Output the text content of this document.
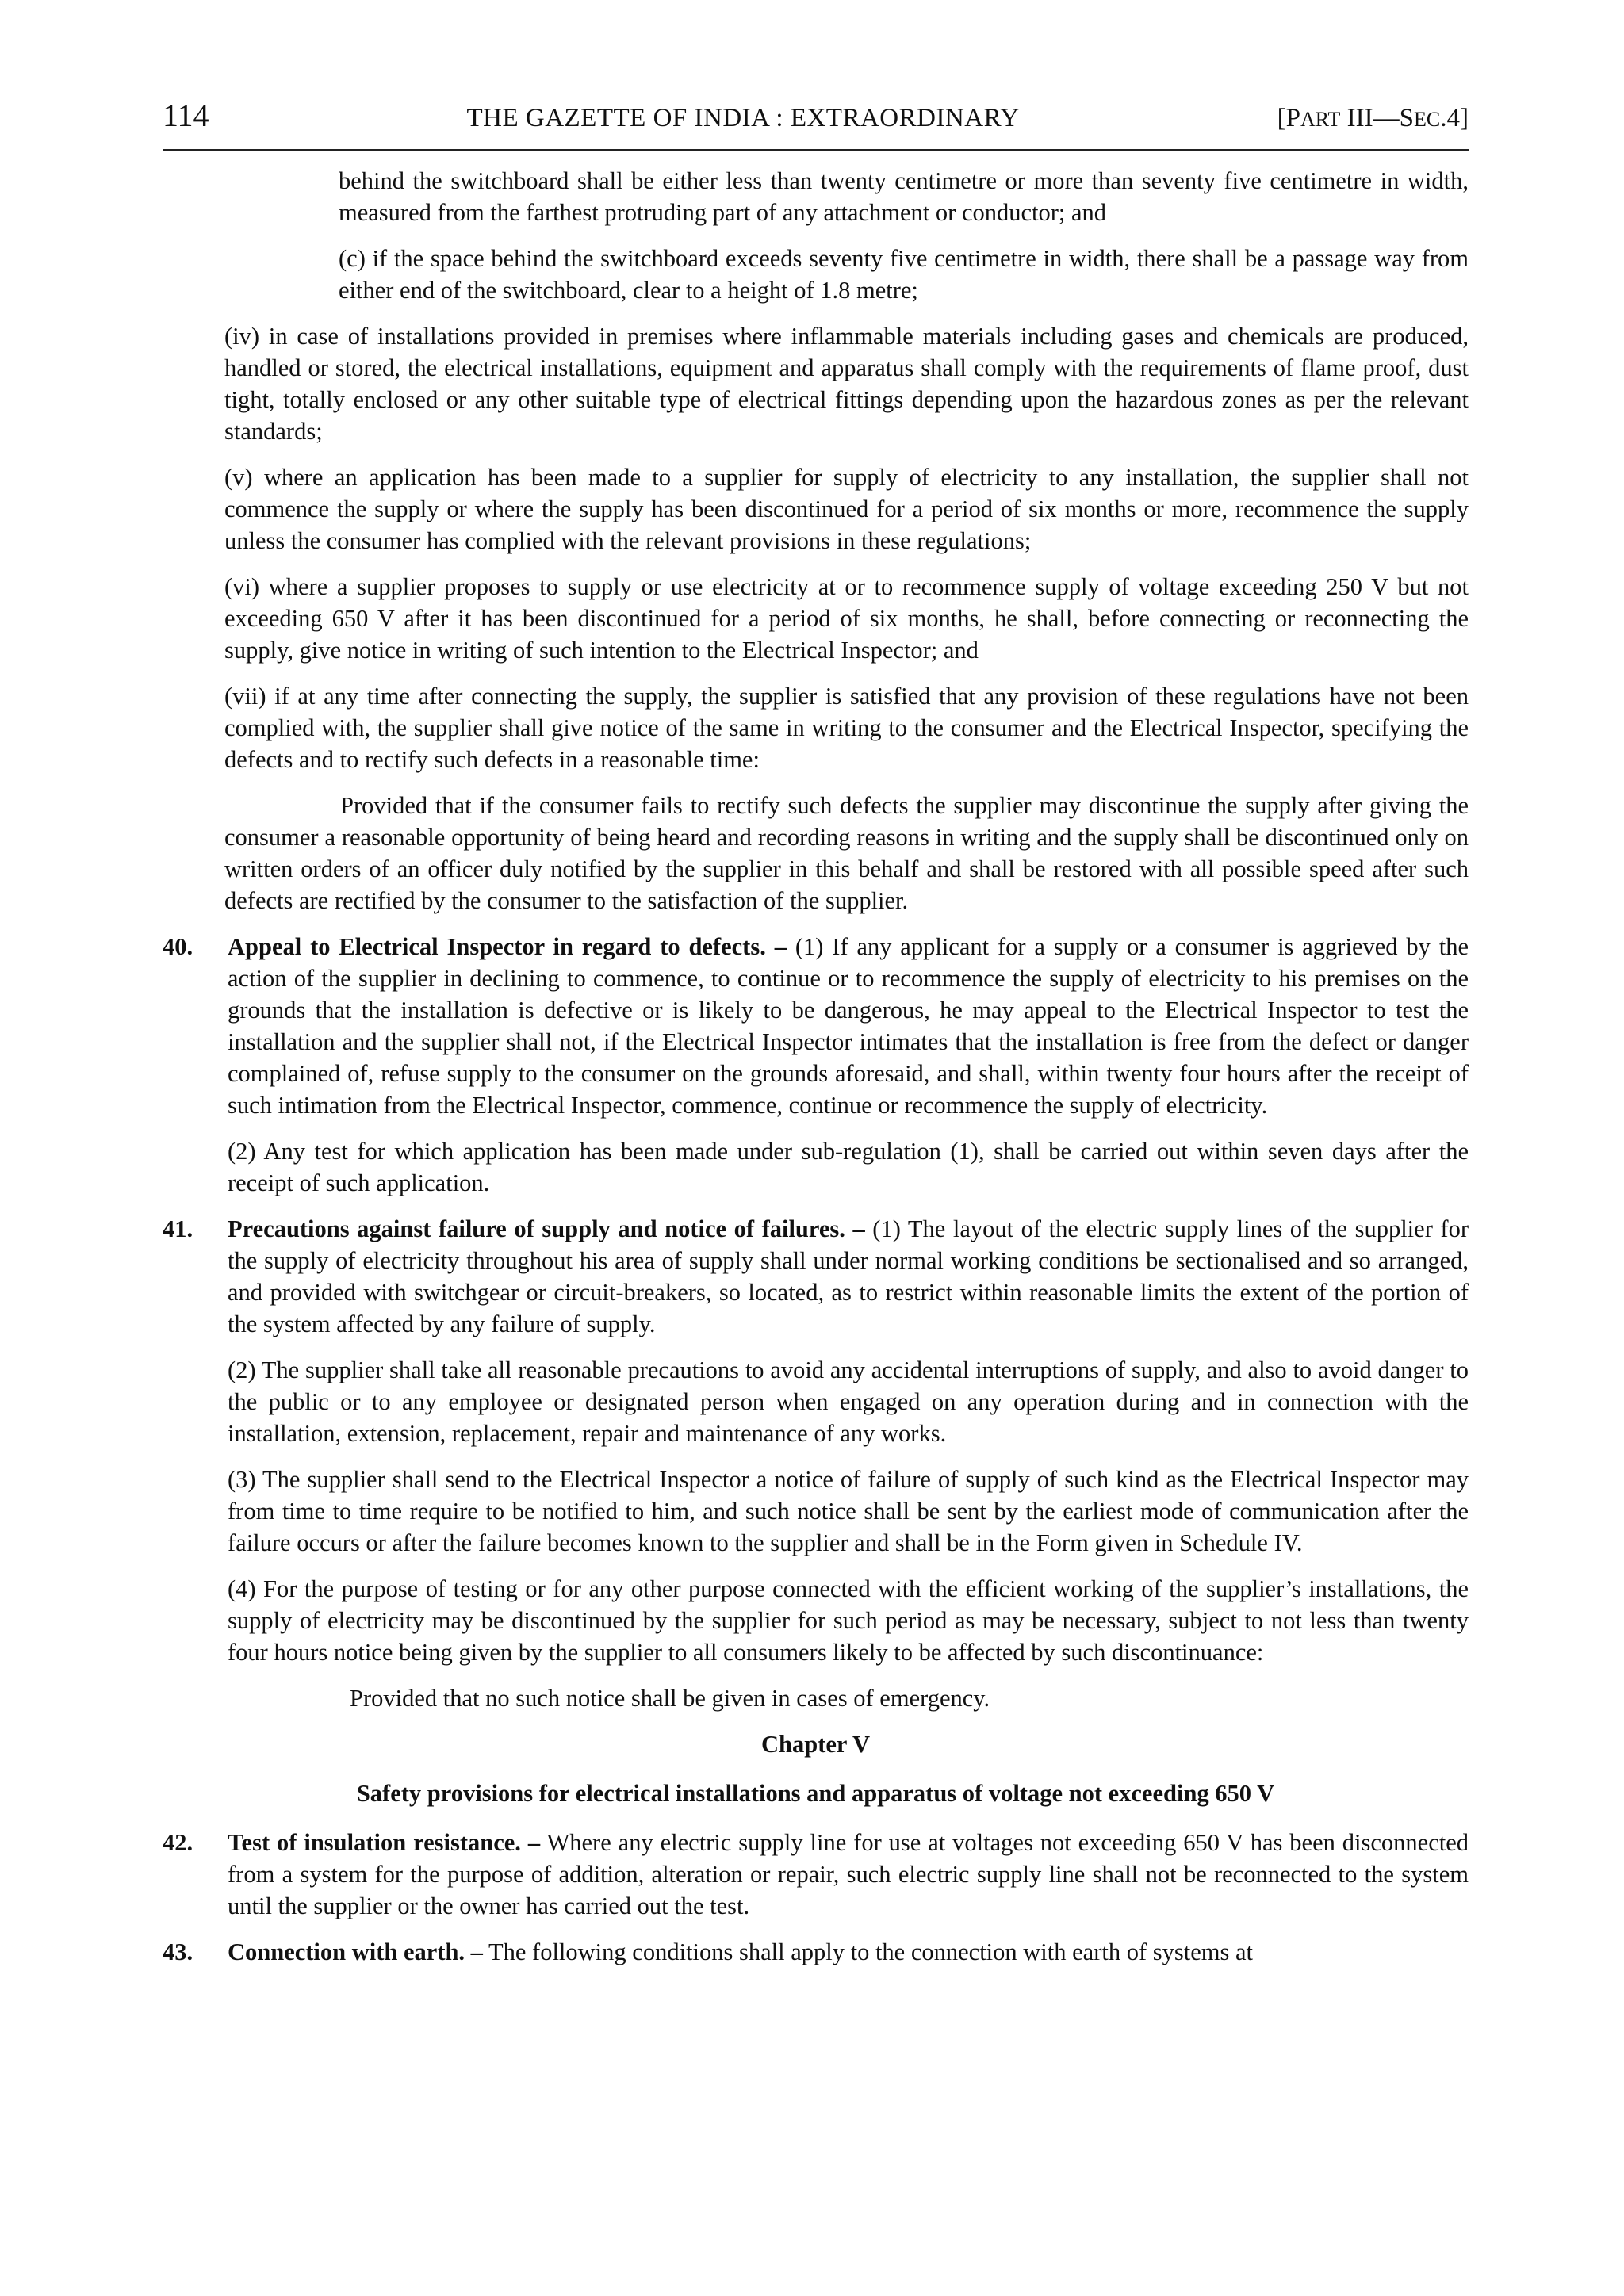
114	THE GAZETTE OF INDIA : EXTRAORDINARY	[PART III—SEC.4]

behind the switchboard shall be either less than twenty centimetre or more than seventy five centimetre in width, measured from the farthest protruding part of any attachment or conductor; and

(c) if the space behind the switchboard exceeds seventy five centimetre in width, there shall be a passage way from either end of the switchboard, clear to a height of 1.8 metre;

(iv) in case of installations provided in premises where inflammable materials including gases and chemicals are produced, handled or stored, the electrical installations, equipment and apparatus shall comply with the requirements of flame proof, dust tight, totally enclosed or any other suitable type of electrical fittings depending upon the hazardous zones as per the relevant standards;

(v) where an application has been made to a supplier for supply of electricity to any installation, the supplier shall not commence the supply or where the supply has been discontinued for a period of six months or more, recommence the supply unless the consumer has complied with the relevant provisions in these regulations;

(vi) where a supplier proposes to supply or use electricity at or to recommence supply of voltage exceeding 250 V but not exceeding 650 V after it has been discontinued for a period of six months, he shall, before connecting or reconnecting the supply, give notice in writing of such intention to the Electrical Inspector; and

(vii) if at any time after connecting the supply, the supplier is satisfied that any provision of these regulations have not been complied with, the supplier shall give notice of the same in writing to the consumer and the Electrical Inspector, specifying the defects and to rectify such defects in a reasonable time:

Provided that if the consumer fails to rectify such defects the supplier may discontinue the supply after giving the consumer a reasonable opportunity of being heard and recording reasons in writing and the supply shall be discontinued only on written orders of an officer duly notified by the supplier in this behalf and shall be restored with all possible speed after such defects are rectified by the consumer to the satisfaction of the supplier.

40. Appeal to Electrical Inspector in regard to defects. – (1) If any applicant for a supply or a consumer is aggrieved by the action of the supplier in declining to commence, to continue or to recommence the supply of electricity to his premises on the grounds that the installation is defective or is likely to be dangerous, he may appeal to the Electrical Inspector to test the installation and the supplier shall not, if the Electrical Inspector intimates that the installation is free from the defect or danger complained of, refuse supply to the consumer on the grounds aforesaid, and shall, within twenty four hours after the receipt of such intimation from the Electrical Inspector, commence, continue or recommence the supply of electricity.

(2) Any test for which application has been made under sub-regulation (1), shall be carried out within seven days after the receipt of such application.

41. Precautions against failure of supply and notice of failures. – (1) The layout of the electric supply lines of the supplier for the supply of electricity throughout his area of supply shall under normal working conditions be sectionalised and so arranged, and provided with switchgear or circuit-breakers, so located, as to restrict within reasonable limits the extent of the portion of the system affected by any failure of supply.

(2) The supplier shall take all reasonable precautions to avoid any accidental interruptions of supply, and also to avoid danger to the public or to any employee or designated person when engaged on any operation during and in connection with the installation, extension, replacement, repair and maintenance of any works.

(3) The supplier shall send to the Electrical Inspector a notice of failure of supply of such kind as the Electrical Inspector may from time to time require to be notified to him, and such notice shall be sent by the earliest mode of communication after the failure occurs or after the failure becomes known to the supplier and shall be in the Form given in Schedule IV.

(4) For the purpose of testing or for any other purpose connected with the efficient working of the supplier’s installations, the supply of electricity may be discontinued by the supplier for such period as may be necessary, subject to not less than twenty four hours notice being given by the supplier to all consumers likely to be affected by such discontinuance:

Provided that no such notice shall be given in cases of emergency.

Chapter V
Safety provisions for electrical installations and apparatus of voltage not exceeding 650 V
42. Test of insulation resistance. – Where any electric supply line for use at voltages not exceeding 650 V has been disconnected from a system for the purpose of addition, alteration or repair, such electric supply line shall not be reconnected to the system until the supplier or the owner has carried out the test.
43. Connection with earth. – The following conditions shall apply to the connection with earth of systems at
